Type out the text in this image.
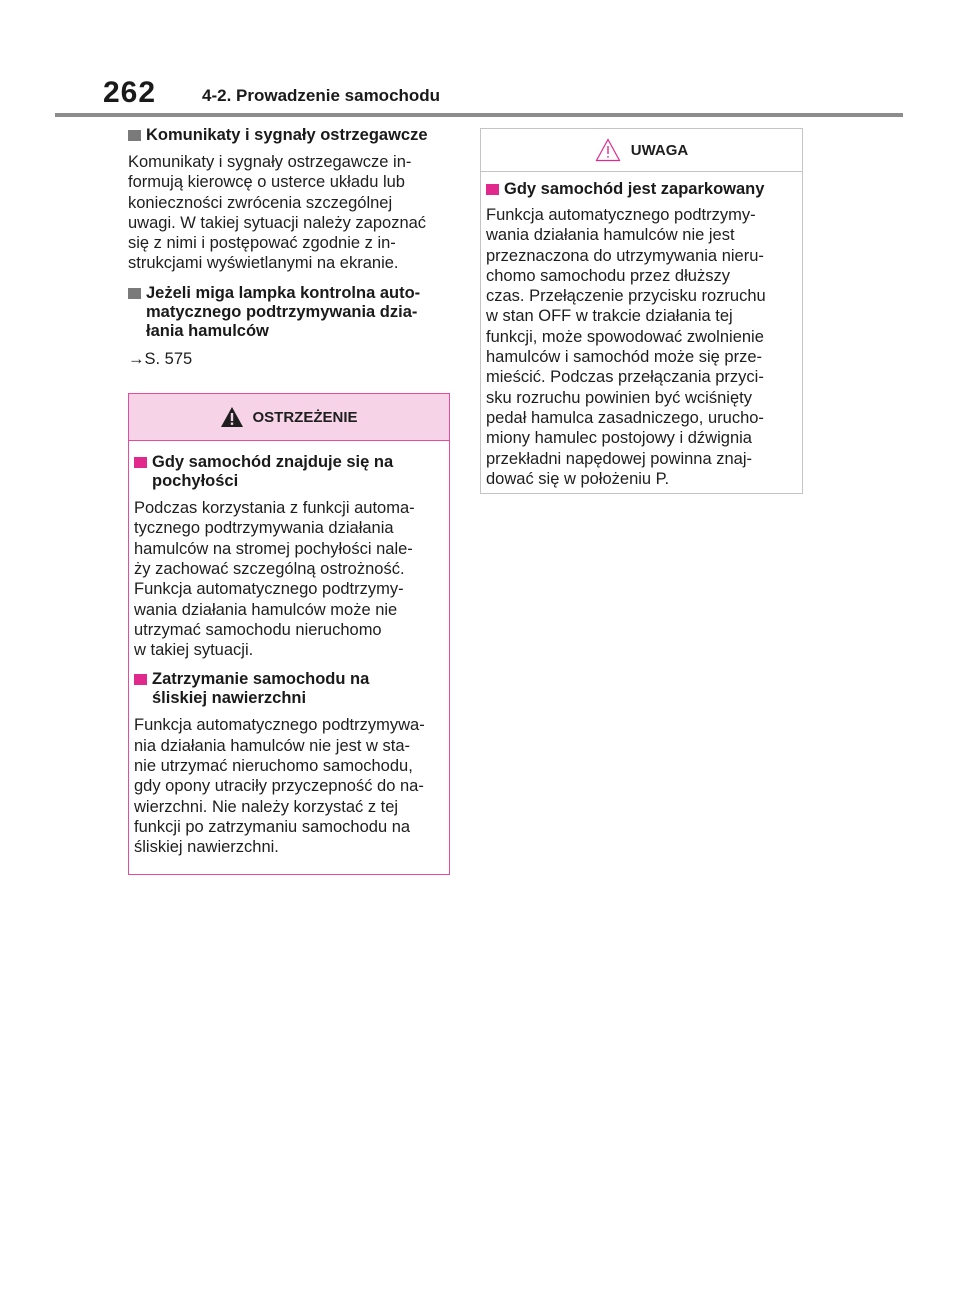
262	4-2. Prowadzenie samochodu
Komunikaty i sygnały ostrzegawcze

Komunikaty i sygnały ostrzegawcze in-
formują kierowcę o usterce układu lub
konieczności zwrócenia szczególnej
uwagi. W takiej sytuacji należy zapoznać
się z nimi i postępować zgodnie z in-
strukcjami wyświetlanymi na ekranie.

Jeżeli miga lampka kontrolna auto-
matycznego podtrzymywania dzia-
łania hamulców

→S. 575

OSTRZEŻENIE
Gdy samochód znajduje się na
pochyłości

Podczas korzystania z funkcji automa-
tycznego podtrzymywania działania
hamulców na stromej pochyłości nale-
ży zachować szczególną ostrożność.
Funkcja automatycznego podtrzymy-
wania działania hamulców może nie
utrzymać samochodu nieruchomo
w takiej sytuacji.

Zatrzymanie samochodu na
śliskiej nawierzchni

Funkcja automatycznego podtrzymywa-
nia działania hamulców nie jest w sta-
nie utrzymać nieruchomo samochodu,
gdy opony utraciły przyczepność do na-
wierzchni. Nie należy korzystać z tej
funkcji po zatrzymaniu samochodu na
śliskiej nawierzchni.

UWAGA
Gdy samochód jest zaparkowany

Funkcja automatycznego podtrzymy-
wania działania hamulców nie jest
przeznaczona do utrzymywania nieru-
chomo samochodu przez dłuższy
czas. Przełączenie przycisku rozruchu
w stan OFF w trakcie działania tej
funkcji, może spowodować zwolnienie
hamulców i samochód może się prze-
mieścić. Podczas przełączania przyci-
sku rozruchu powinien być wciśnięty
pedał hamulca zasadniczego, urucho-
miony hamulec postojowy i dźwignia
przekładni napędowej powinna znaj-
dować się w położeniu P.
